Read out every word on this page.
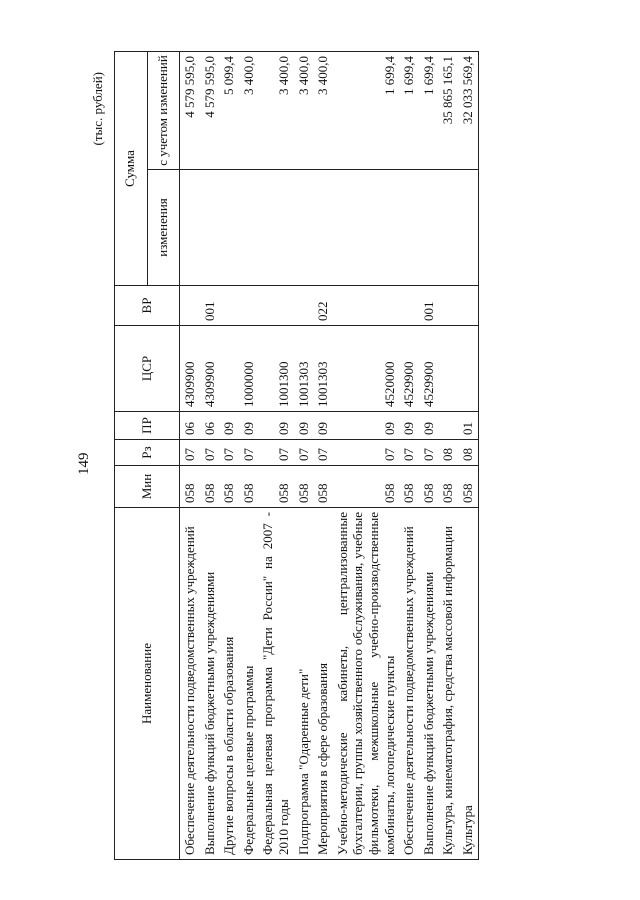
149
(тыс. рублей)
Наименование	Мин	Рз	ПР	ЦСР	ВР	Сумма	
						изменения	с учетом изменений
Обеспечение деятельности подведомственных учреждений	058	07	06	4309900			4 579 595,0
Выполнение функций бюджетными учреждениями	058	07	06	4309900	001		4 579 595,0
Другие вопросы в области образования	058	07	09				5 099,4
Федеральные целевые программы	058	07	09	1000000			3 400,0
Федеральная целевая программа "Дети России" на 2007 - 2010 годы	058	07	09	1001300			3 400,0
Подпрограмма "Одаренные дети"	058	07	09	1001303			3 400,0
Мероприятия в сфере образования	058	07	09	1001303	022		3 400,0
Учебно-методические кабинеты, централизованные бухгалтерии, группы хозяйственного обслуживания, учебные фильмотеки, межшкольные учебно-производственные комбинаты, логопедические пункты	058	07	09	4520000			1 699,4
Обеспечение деятельности подведомственных учреждений	058	07	09	4529900			1 699,4
Выполнение функций бюджетными учреждениями	058	07	09	4529900	001		1 699,4
Культура, кинематография, средства массовой информации	058	08					35 865 165,1
Культура	058	08	01				32 033 569,4
